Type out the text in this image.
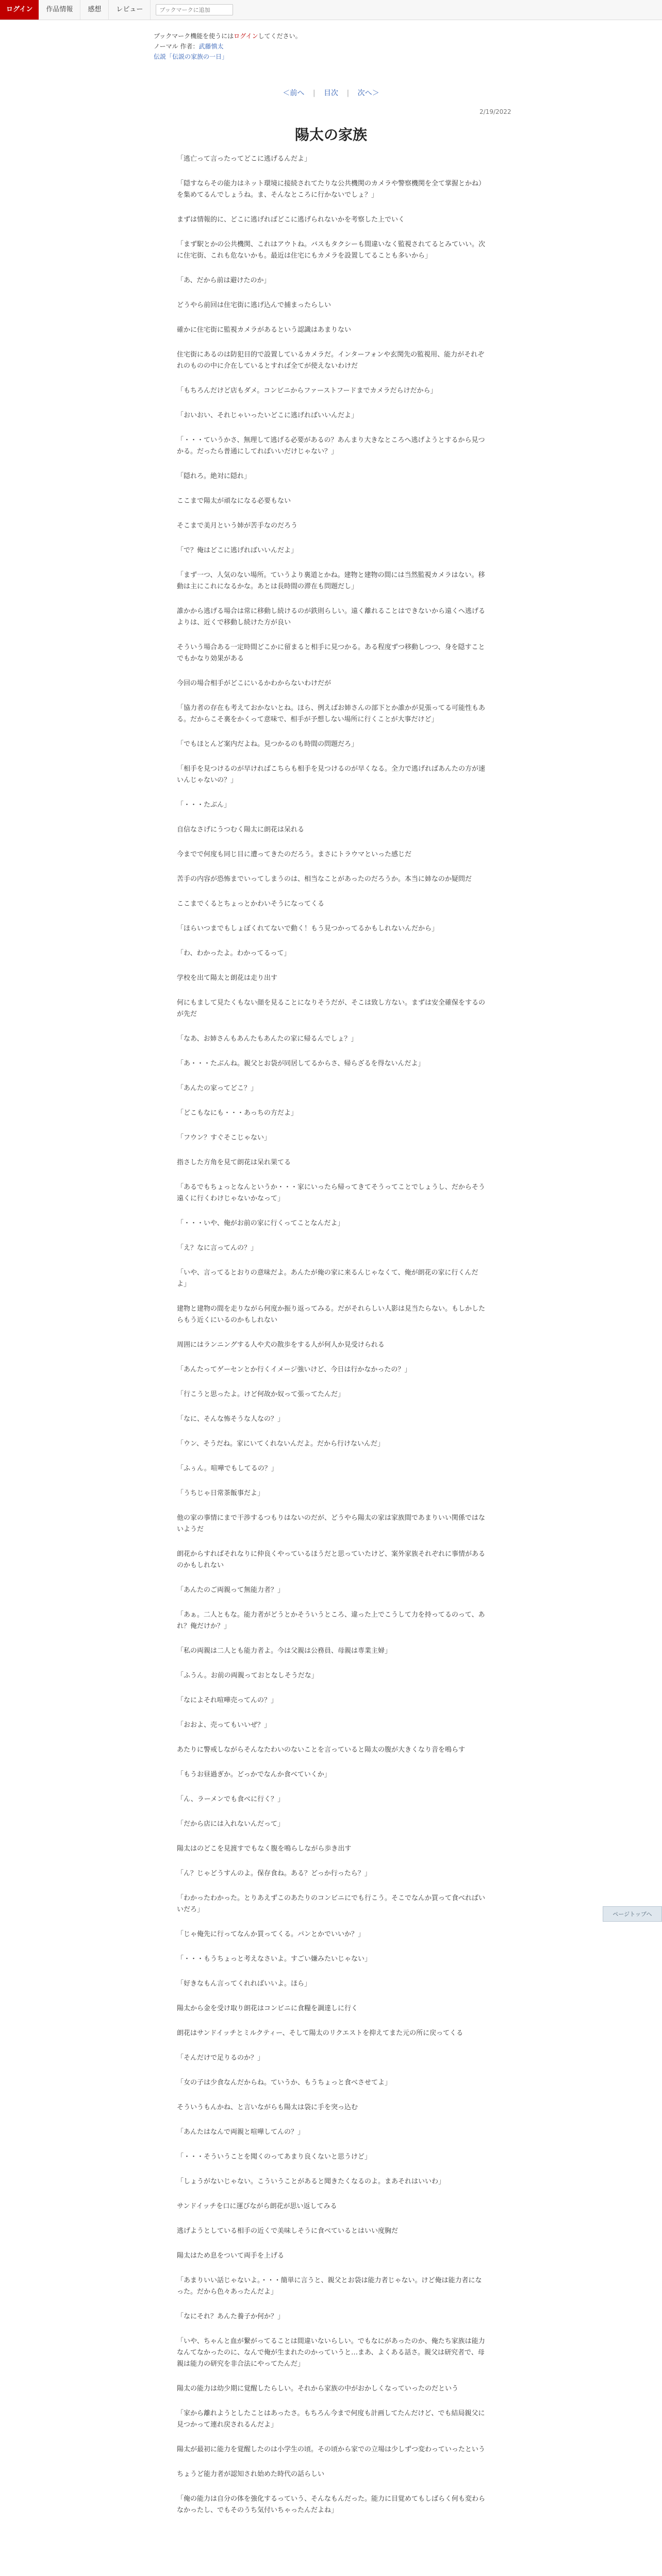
ログイン	作品情報	感想	レビュー
ブックマークに追加
ブックマーク機能を使うにはログインしてください。
ノーマル 作者：武藤慎太
伝説「伝説の家族の一日」
＜前へ | 目次 | 次へ＞
2/19/2022
陽太の家族

「逃亡って言ったってどこに逃げるんだよ」

「隠すならその能力はネット環境に接続されてたりな公共機関のカメラや警察機関を全て掌握とかね）を集めてるんでしょうね。ま、そんなところに行かないでしょ？」

まずは情報的に、どこに逃げればどこに逃げられないかを考察した上でいく

「まず駅とかの公共機関、これはアウトね。バスもタクシーも間違いなく監視されてるとみていい。次に住宅街、これも危ないかも。最近は住宅にもカメラを設置してることも多いから」

「あ、だから前は避けたのか」

どうやら前回は住宅街に逃げ込んで捕まったらしい

確かに住宅街に監視カメラがあるという認識はあまりない

住宅街にあるのは防犯目的で設置しているカメラだ。インターフォンや玄関先の監視用、能力がそれぞれのものの中に介在しているとすれば全てが使えないわけだ

「もちろんだけど店もダメ。コンビニからファーストフードまでカメラだらけだから」

「おいおい、それじゃいったいどこに逃げればいいんだよ」

「・・・ていうかさ、無理して逃げる必要があるの？あんまり大きなところへ逃げようとするから見つかる。だったら普通にしてればいいだけじゃない？」

「隠れろ。絶対に隠れ」

ここまで陽太が頑なになる必要もない

そこまで美月という姉が苦手なのだろう

「で？俺はどこに逃げればいいんだよ」

「まず一つ、人気のない場所。ていうより裏道とかね。建物と建物の間には当然監視カメラはない。移動は主にこれになるかな。あとは長時間の滞在も問題だし」

誰かから逃げる場合は常に移動し続けるのが鉄則らしい。遠く離れることはできないから遠くへ逃げるよりは、近くで移動し続けた方が良い

そういう場合ある一定時間どこかに留まると相手に見つかる。ある程度ずつ移動しつつ、身を隠すことでもかなり効果がある

今回の場合相手がどこにいるかわからないわけだが

「協力者の存在も考えておかないとね。ほら、例えばお姉さんの部下とか誰かが見張ってる可能性もある。だからこそ裏をかくって意味で、相手が予想しない場所に行くことが大事だけど」

「でもほとんど案内だよね。見つかるのも時間の問題だろ」

「相手を見つけるのが早ければこちらも相手を見つけるのが早くなる。全力で逃げればあんたの方が速いんじゃないの？」

「・・・たぶん」

自信なさげにうつむく陽太に朗花は呆れる

今までで何度も同じ目に遭ってきたのだろう。まさにトラウマといった感じだ

苦手の内容が恐怖までいってしまうのは、相当なことがあったのだろうか。本当に姉なのか疑問だ

ここまでくるとちょっとかわいそうになってくる

「ほらいつまでもしょぼくれてないで動く！もう見つかってるかもしれないんだから」

「わ、わかったよ。わかってるって」

学校を出て陽太と朗花は走り出す

何にもまして見たくもない顔を見ることになりそうだが、そこは致し方ない。まずは安全確保をするのが先だ

「なあ、お姉さんもあんたもあんたの家に帰るんでしょ？」

「あ・・・たぶんね。親父とお袋が同居してるからさ、帰らざるを得ないんだよ」

「あんたの家ってどこ？」

「どこもなにも・・・あっちの方だよ」

「フウン？すぐそこじゃない」

指さした方角を見て朗花は呆れ果てる

「あるでもちょっとなんというか・・・家にいったら帰ってきてそうってことでしょうし、だからそう遠くに行くわけじゃないかなって」

「・・・いや、俺がお前の家に行くってことなんだよ」

「え？なに言ってんの？」

「いや、言ってるとおりの意味だよ。あんたが俺の家に来るんじゃなくて、俺が朗花の家に行くんだよ」

建物と建物の間を走りながら何度か振り返ってみる。だがそれらしい人影は見当たらない。もしかしたらもう近くにいるのかもしれない

周囲にはランニングする人や犬の散歩をする人が何人か見受けられる

「あんたってゲーセンとか行くイメージ強いけど、今日は行かなかったの？」

「行こうと思ったよ。けど何故か奴って張ってたんだ」

「なに、そんな怖そうな人なの？」

「ウン、そうだね。家にいてくれないんだよ。だから行けないんだ」

「ふぅん。喧嘩でもしてるの？」

「うちじゃ日常茶飯事だよ」

他の家の事情にまで干渉するつもりはないのだが、どうやら陽太の家は家族間であまりいい関係ではないようだ

朗花からすればそれなりに仲良くやっているほうだと思っていたけど、案外家族それぞれに事情があるのかもしれない

「あんたのご両親って無能力者？」

「あぁ。二人ともな。能力者がどうとかそういうところ、違った上でこうして力を持ってるのって、あれ？俺だけか？」

「私の両親は二人とも能力者よ。今は父親は公務員、母親は専業主婦」

「ふうん。お前の両親っておとなしそうだな」

「なによそれ喧嘩売ってんの？」

「おおよ、売ってもいいぜ？」

あたりに警戒しながらそんなたわいのないことを言っていると陽太の腹が大きくなり音を鳴らす

「もうお昼過ぎか。どっかでなんか食べていくか」

「ん、ラーメンでも食べに行く？」

「だから店には入れないんだって」

陽太はのどこを見渡すでもなく腹を鳴らしながら歩き出す

「ん？じゃどうすんのよ。保存食ね。ある？どっか行ったら？」

「わかったわかった。とりあえずこのあたりのコンビニにでも行こう。そこでなんか買って食べればいいだろ」

「じゃ俺先に行ってなんか買ってくる。パンとかでいいか？」

「・・・もうちょっと考えなさいよ。すごい嫌みたいじゃない」

「好きなもん言ってくれればいいよ。ほら」

陽太から金を受け取り朗花はコンビニに食糧を調達しに行く

朗花はサンドイッチとミルクティー、そして陽太のリクエストを抑えてまた元の所に戻ってくる

「そんだけで足りるのか？」

「女の子は少食なんだからね。ていうか、もうちょっと食べさせてよ」

そういうもんかね、と言いながらも陽太は袋に手を突っ込む

「あんたはなんで両親と喧嘩してんの？」

「・・・そういうことを聞くのってあまり良くないと思うけど」

「しょうがないじゃない。こういうことがあると聞きたくなるのよ。まあそれはいいわ」

サンドイッチを口に運びながら朗花が思い返してみる

逃げようとしている相手の近くで美味しそうに食べているとはいい度胸だ

陽太はため息をついて両手を上げる

「あまりいい話じゃないよ。・・・簡単に言うと、親父とお袋は能力者じゃない。けど俺は能力者になった。だから色々あったんだよ」

「なにそれ？あんた養子か何か？」

「いや、ちゃんと血が繋がってることは間違いないらしい。でもなにがあったのか、俺たち家族は能力なんてなかったのに、なんで俺が生まれたのかっていうと…まあ、よくある話さ。親父は研究者で、母親は能力の研究を非合法にやってたんだ」

陽太の能力は幼少期に覚醒したらしい。それから家族の中がおかしくなっていったのだという

「家から離れようとしたことはあったさ。もちろん今まで何度も計画してたんだけど、でも結局親父に見つかって連れ戻されるんだよ」

陽太が最初に能力を覚醒したのは小学生の頃。その頃から家での立場は少しずつ変わっていったという

ちょうど能力者が認知され始めた時代の話らしい

「俺の能力は自分の体を強化するっていう、そんなもんだった。能力に目覚めてもしばらく何も変わらなかったし、でもそのうち気付いちゃったんだよね」

ページトップへ
